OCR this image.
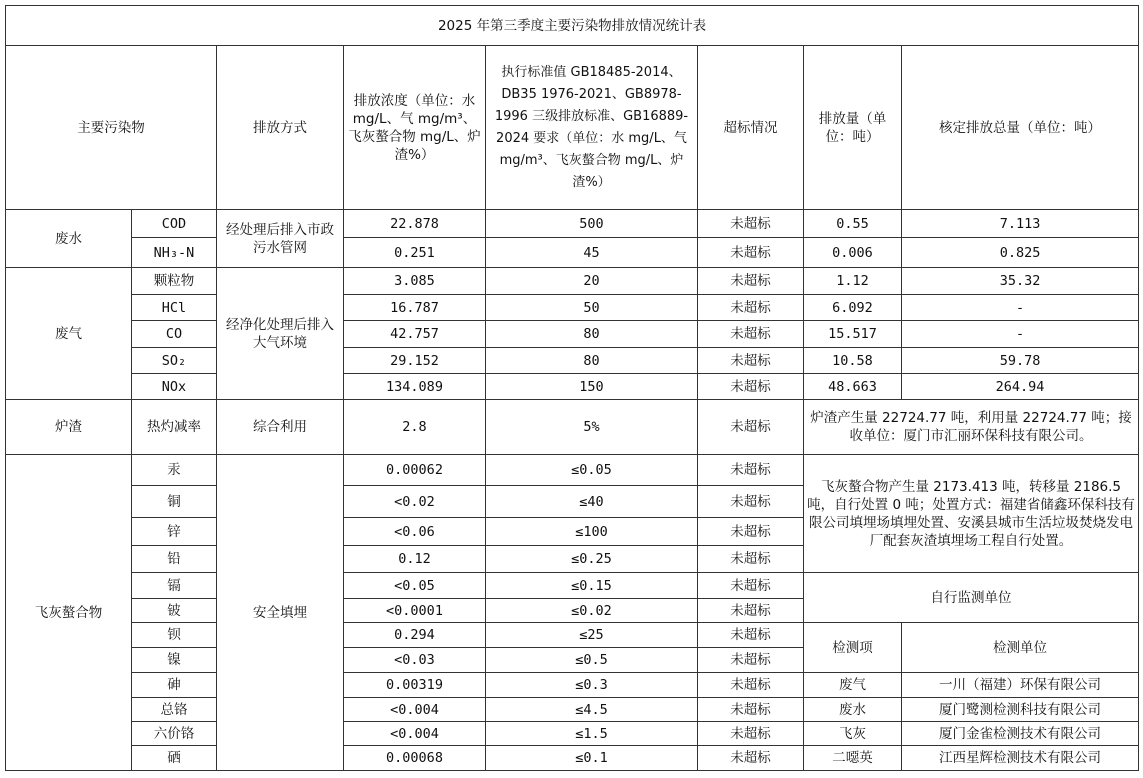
2025 年第三季度主要污染物排放情况统计表							
主要污染物		排放方式	排放浓度（单位：水 mg/L、气 mg/m³、飞灰螯合物 mg/L、炉渣%）	执行标准值 GB18485-2014、DB35 1976-2021、GB8978-1996 三级排放标准、GB16889-2024 要求（单位：水 mg/L、气 mg/m³、飞灰螯合物 mg/L、炉渣%）	超标情况	排放量（单位：吨）	核定排放总量（单位：吨）
废水	COD	经处理后排入市政污水管网	22.878	500	未超标	0.55	7.113
	NH₃-N		0.251	45	未超标	0.006	0.825
废气	颗粒物	经净化处理后排入大气环境	3.085	20	未超标	1.12	35.32
	HCl		16.787	50	未超标	6.092	-
	CO		42.757	80	未超标	15.517	-
	SO₂		29.152	80	未超标	10.58	59.78
	NOx		134.089	150	未超标	48.663	264.94
炉渣	热灼减率	综合利用	2.8	5%	未超标	炉渣产生量 22724.77 吨，利用量 22724.77 吨；接收单位：厦门市汇丽环保科技有限公司。	
飞灰螯合物	汞	安全填埋	0.00062	≤0.05	未超标	飞灰螯合物产生量 2173.413 吨，转移量 2186.5 吨，自行处置 0 吨；处置方式：福建省储鑫环保科技有限公司填埋场填埋处置、安溪县城市生活垃圾焚烧发电厂配套灰渣填埋场工程自行处置。	
	铜		<0.02	≤40	未超标		
	锌		<0.06	≤100	未超标		
	铅		0.12	≤0.25	未超标		
	镉		<0.05	≤0.15	未超标	自行监测单位	
	铍		<0.0001	≤0.02	未超标		
	钡		0.294	≤25	未超标	检测项	检测单位
	镍		<0.03	≤0.5	未超标		
	砷		0.00319	≤0.3	未超标	废气	一川（福建）环保有限公司
	总铬		<0.004	≤4.5	未超标	废水	厦门鹭测检测科技有限公司
	六价铬		<0.004	≤1.5	未超标	飞灰	厦门金雀检测技术有限公司
	硒		0.00068	≤0.1	未超标	二噁英	江西星辉检测技术有限公司
